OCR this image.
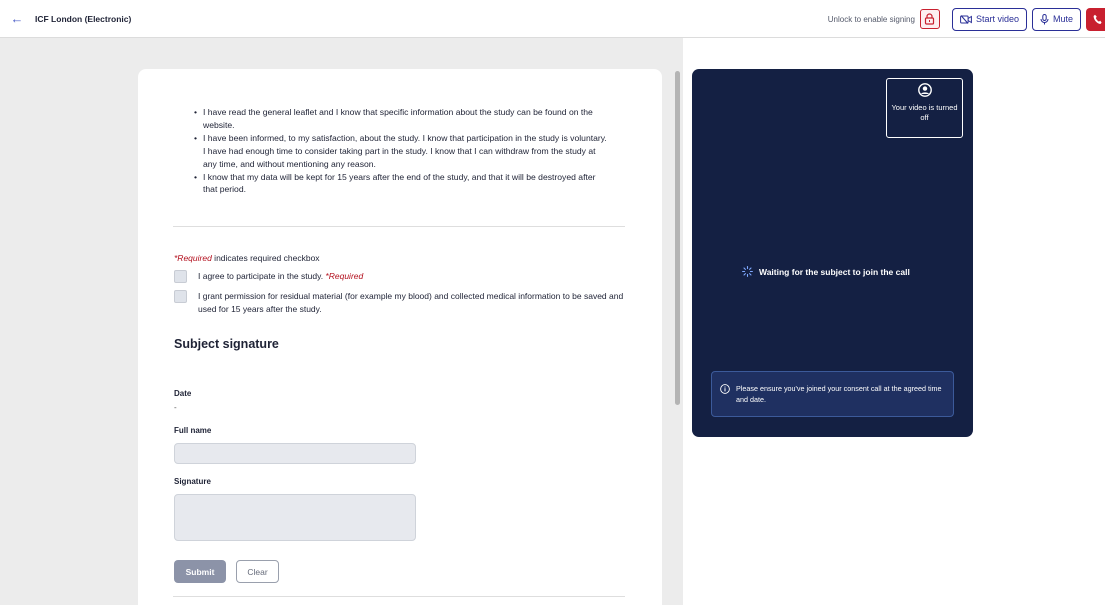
← ICF London (Electronic)	Unlock to enable signing	Start video	Mute
• I have read the general leaflet and I know that specific information about the study can be found on the website.
• I have been informed, to my satisfaction, about the study. I know that participation in the study is voluntary. I have had enough time to consider taking part in the study. I know that I can withdraw from the study at any time, and without mentioning any reason.
• I know that my data will be kept for 15 years after the end of the study, and that it will be destroyed after that period.
*Required indicates required checkbox
I agree to participate in the study. *Required
I grant permission for residual material (for example my blood) and collected medical information to be saved and used for 15 years after the study.
Subject signature
Date
-
Full name
Signature
Submit	Clear
Your video is turned off
Waiting for the subject to join the call
Please ensure you've joined your consent call at the agreed time and date.
